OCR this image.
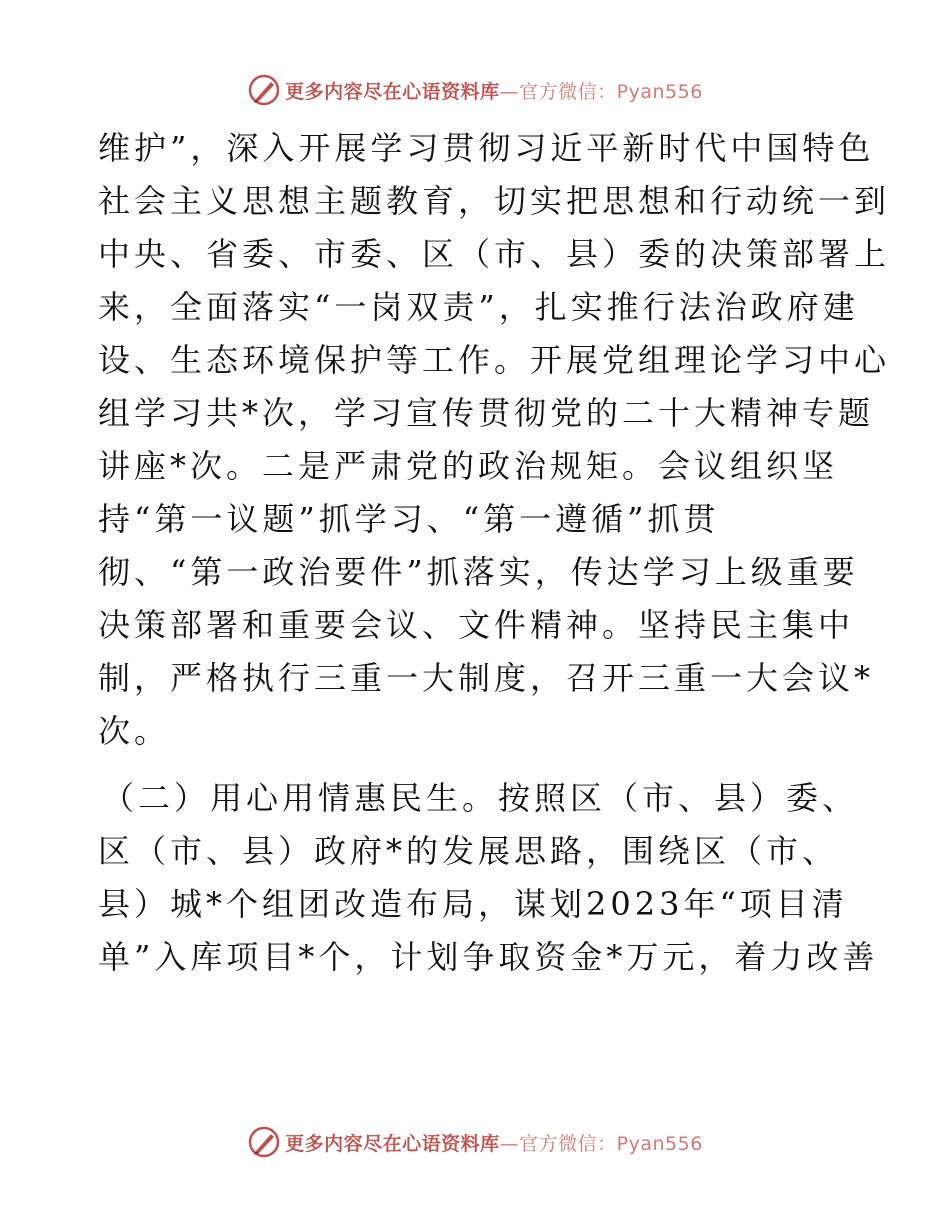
更多内容尽在心语资料库 —官方微信：Pyan556
维护”，深入开展学习贯彻习近平新时代中国特色
社会主义思想主题教育，切实把思想和行动统一到
中央、省委、市委、区（市、县）委的决策部署上
来，全面落实“一岗双责”，扎实推行法治政府建
设、生态环境保护等工作。开展党组理论学习中心
组学习共*次，学习宣传贯彻党的二十大精神专题
讲座*次。二是严肃党的政治规矩。会议组织坚
持“第一议题”抓学习、“第一遵循”抓贯
彻、“第一政治要件”抓落实，传达学习上级重要
决策部署和重要会议、文件精神。坚持民主集中
制，严格执行三重一大制度，召开三重一大会议*
次。
（二）用心用情惠民生。按照区（市、县）委、
区（市、县）政府*的发展思路，围绕区（市、
县）城*个组团改造布局，谋划2023年“项目清
单”入库项目*个，计划争取资金*万元，着力改善
更多内容尽在心语资料库 —官方微信：Pyan556
